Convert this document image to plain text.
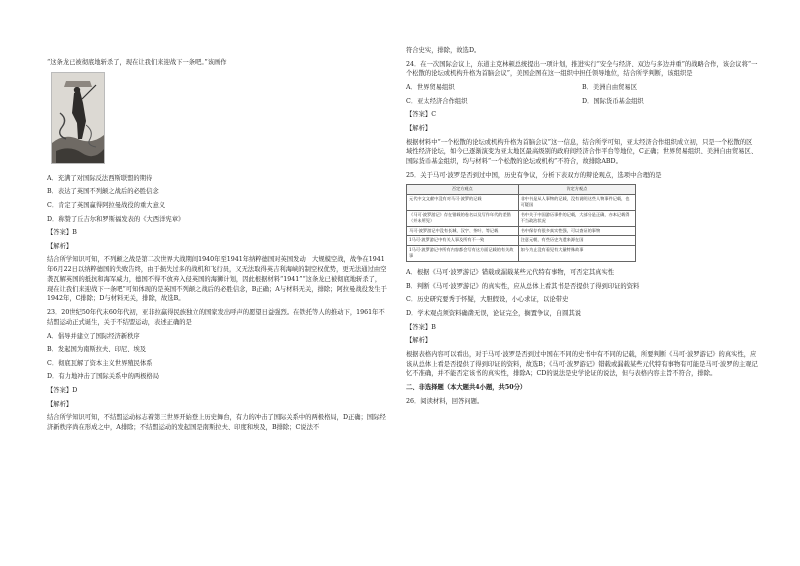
“这条龙已被彻底地斩杀了，现在让我们来迎战下一条吧。”该画作

A．充满了对国际反法西斯联盟的期待

B．表达了英国不列颠之战后的必胜信念

C．肯定了英国赢得阿拉曼战役的重大意义

D．称赞了丘吉尔和罗斯福发表的《大西洋宪章》

【答案】B

【解析】

结合所学知识可知，不列颠之战是第二次世界大战期间1940年至1941年纳粹德国对英国发动　大规模空战，战争在1941年6月22日以纳粹德国的失败告终，由于损失过多的战机和飞行员，又无法取得英吉利海峡的制空权优势，更无法通过由空袭瓦解英国的抵抗和海军威力，德国不得不放弃入侵英国的海狮计划，因此根据材料“1941”“这条龙已被彻底地斩杀了，现在让我们来迎战下一条吧”可知体现的是英国不列颠之战后的必胜信念，B正确；A与材料无关，排除；阿拉曼战役发生于1942年，C排除；D与材料无关，排除，故选B。

23．20世纪50年代末60年代初，亚非拉赢得民族独立的国家发出呼声的愿望日益强烈。在铁托等人的推动下，1961年不结盟运动正式诞生，关于不结盟运动，表述正确的是

A．倡导并建立了国际经济新秩序

B．发起国为南斯拉夫、印尼、埃及

C．彻底瓦解了资本主义世界殖民体系

D．有力地冲击了国际关系中的两极格局

【答案】D

【解析】

结合所学知识可知，不结盟运动标志着第三世界开始登上历史舞台，有力的冲击了国际关系中的两极格局，D正确；国际经济新秩序尚在形成之中，A排除；不结盟运动的发起国是南斯拉夫、印度和埃及，B排除；C说法不

符合史实，排除，故选D。

24．在一次国际会议上，东道主克林顿总统提出一项计划，推进实行“安全与经济、双边与多边并重”的战略合作，该会议将“一个松散的论坛或机构升格为首脑会议”，美国企图在这一组织中担任领导地位，结合所学判断，该组织是

A．世界贸易组织	B．美洲自由贸易区
C．亚太经济合作组织	D．国际货币基金组织

【答案】C

【解析】

根据材料中“一个松散的论坛或机构升格为首脑会议”这一信息，结合所学可知，亚太经济合作组织成立初，只是一个松散的区域性经济论坛，如今已逐渐演变为亚太地区最高级别的政府间经济合作平台等地位，C正确；世界贸易组织、美洲自由贸易区、国际货币基金组织，均与材料“一个松散的论坛或机构”不符合，故排除ABD。

25．关于马可·波罗是否到过中国，历史有争议，分析下表双方的辩论观点，选项中合理的是

否定方观点	肯定方观点
元代中文文献中没有对马可·波罗的记载	非中书是从人事物的记载，没有说明这些人物事件记载，也可疑国
《马可·波罗游记》存在错载的卷名以及写作年代的差错（并未所见）	书中关于中国游历事件的记载，大部分是正确，亦本记载得不当政治状况
马可·波罗游记中没有长城、汉字、茶叶、等记载	书中保存有很多真实性强，可以查证的事物
1马可·波罗游记中有关人事及所有不一致	注意元朝，有些历史为遗来源在国
1马可·波罗游记中所有内容都会写有这方面记载的有关故事	如今为止没有看见有大量特殊故事

A．根据《马可·波罗游记》错载或漏载某些元代特有事物，可否定其真实性

B．判断《马可·波罗游记》的真实性，应从总体上看其书是否提供了得到印证的资料

C．历史研究要秀于怀疑，大胆假设，小心求证，以论带史

D．学术观点须资料确凿无误，论证完全，搁置争议，自圆其说

【答案】B

【解析】

根据表格内容可以看出，对于马可·波罗是否到过中国在不同的史书中有不同的记载，所要判断《马可·波罗游记》的真实性，应该从总体上看是否提供了得到印证的资料，故选B；《马可·波罗游记》错载或漏载某些元代特有事物有可能是马可·波罗的主观记忆不准确，并不能否定该书的真实性，排除A；CD的说法是史学论证的说法，但与表格内容主旨不符合，排除。

二、非选择题（本大题共4小题，共50分）

26．阅读材料，回答问题。
